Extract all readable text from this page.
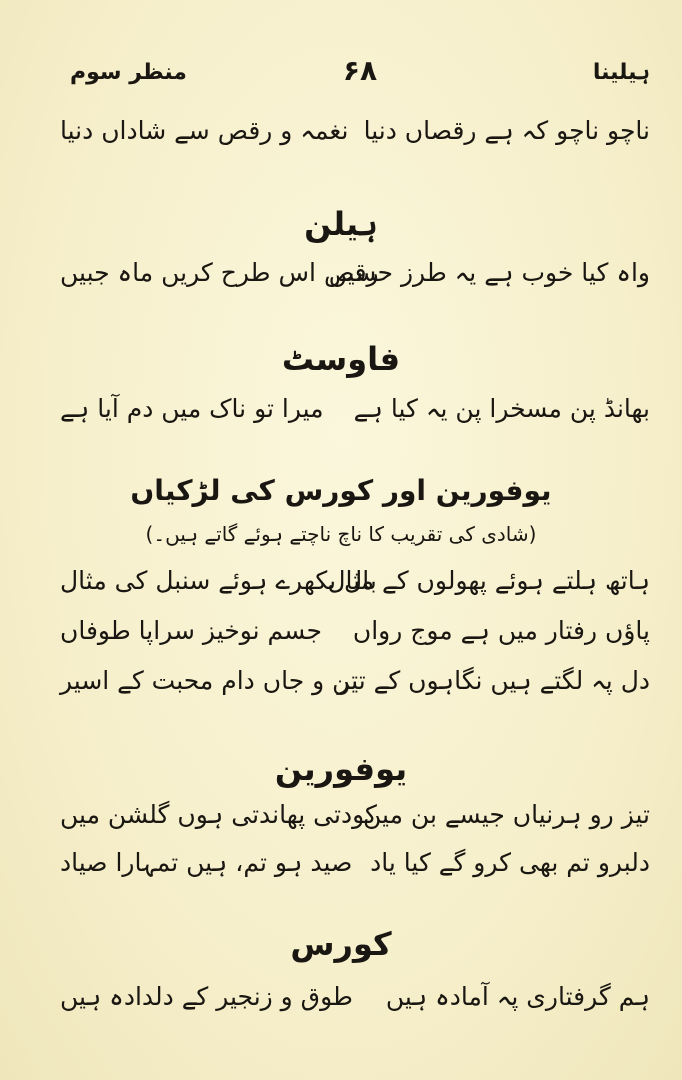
ہیلینا
۶۸
منظر سوم
ناچو ناچو کہ ہے رقصاں دنیا
نغمہ و رقص سے شاداں دنیا
ہیلن
واہ کیا خوب ہے یہ طرز حسیں
رقص اس طرح کریں ماہ جبیں
فاوسٹ
بھانڈ پن مسخرا پن یہ کیا ہے
میرا تو ناک میں دم آیا ہے
یوفورین اور کورس کی لڑکیاں
(شادی کی تقریب کا ناچ ناچتے ہوئے گاتے ہیں۔)
ہاتھ ہلتے ہوئے پھولوں کے مثال
بال بکھرے ہوئے سنبل کی مثال
پاؤں رفتار میں ہے موج رواں
جسم نوخیز سراپا طوفاں
دل پہ لگتے ہیں نگاہوں کے تیر
تن و جاں دام محبت کے اسیر
یوفورین
تیز رو ہرنیاں جیسے بن میں
کودتی پھاندتی ہوں گلشن میں
دلبرو تم بھی کرو گے کیا یاد
صید ہو تم، ہیں تمہارا صیاد
کورس
ہم گرفتاری پہ آمادہ ہیں
طوق و زنجیر کے دلدادہ ہیں
